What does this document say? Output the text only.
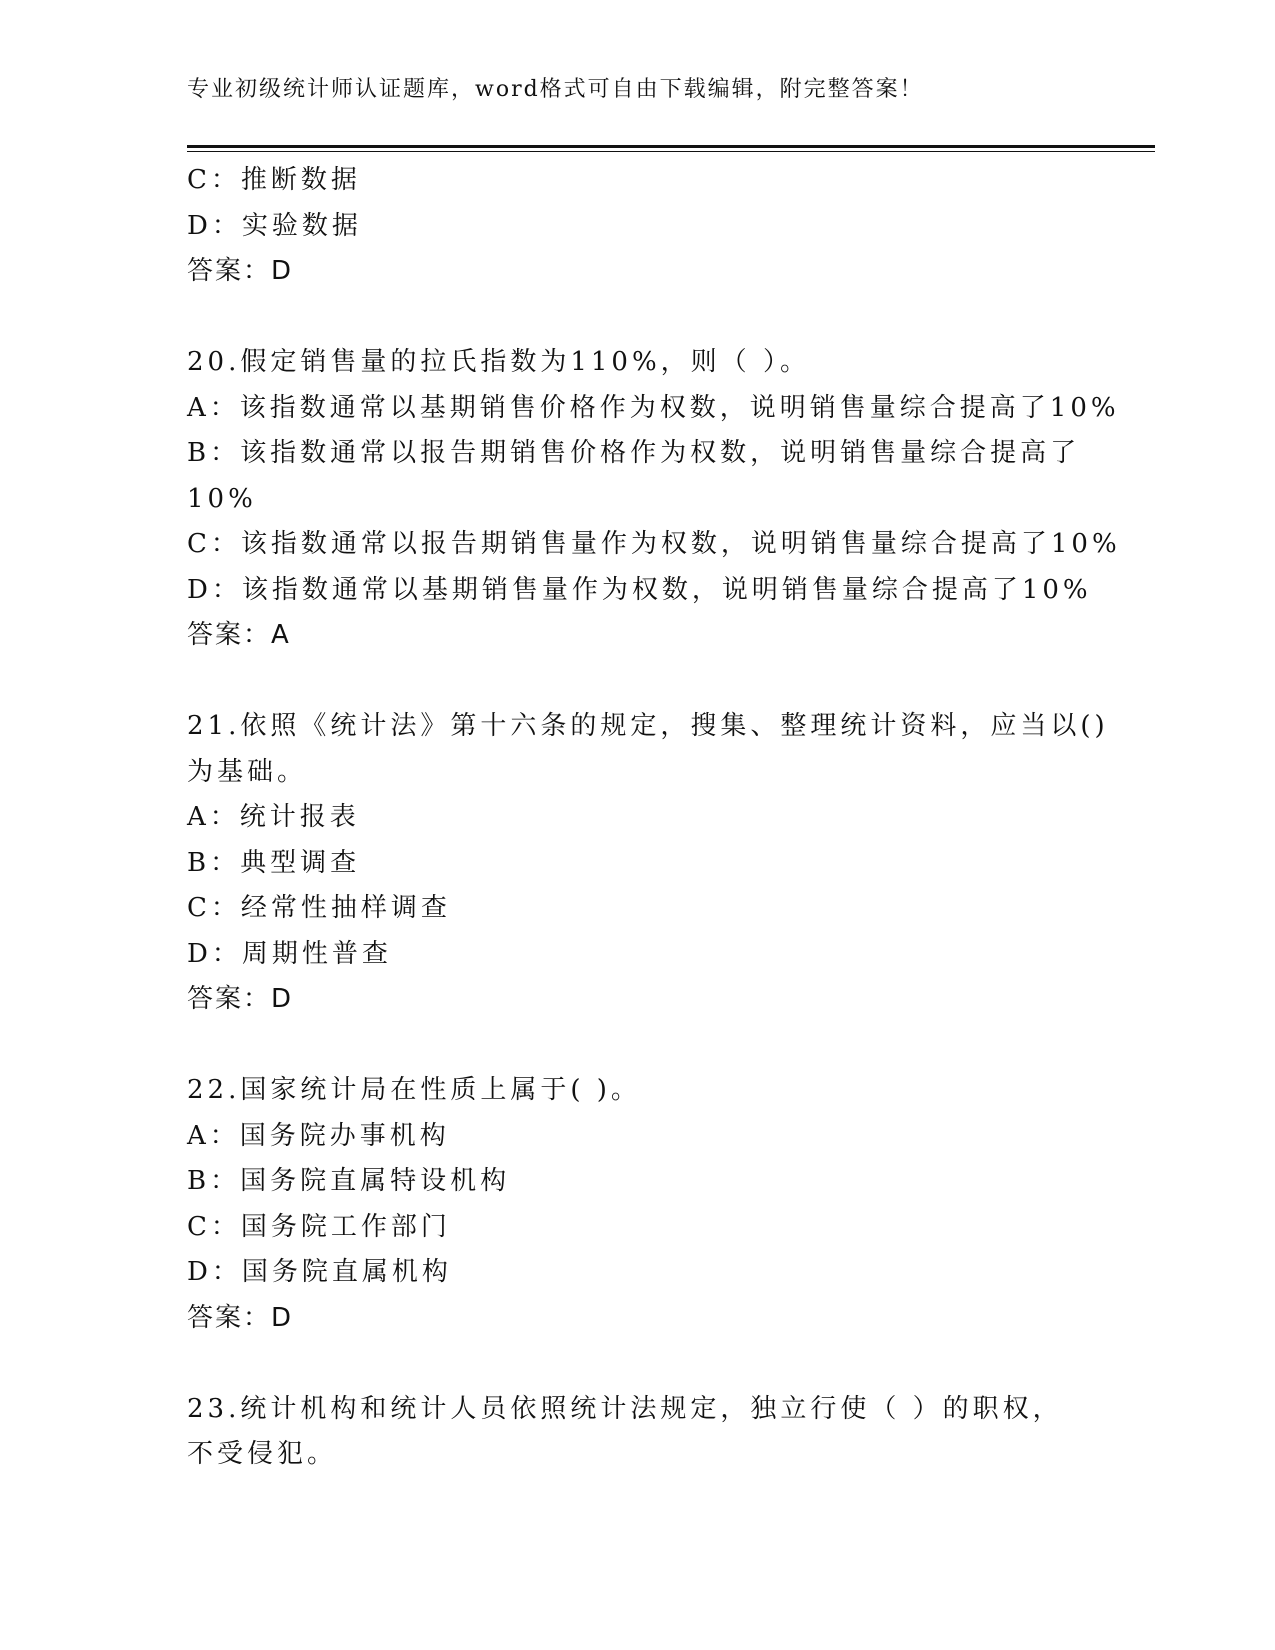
专业初级统计师认证题库，word格式可自由下载编辑，附完整答案！
C：推断数据
D：实验数据
答案：D
20.假定销售量的拉氏指数为110%，则（ ）。
A：该指数通常以基期销售价格作为权数，说明销售量综合提高了10%
B：该指数通常以报告期销售价格作为权数，说明销售量综合提高了
10%
C：该指数通常以报告期销售量作为权数，说明销售量综合提高了10%
D：该指数通常以基期销售量作为权数，说明销售量综合提高了10%
答案：A
21.依照《统计法》第十六条的规定，搜集、整理统计资料，应当以()
为基础。
A：统计报表
B：典型调查
C：经常性抽样调查
D：周期性普查
答案：D
22.国家统计局在性质上属于( )。
A：国务院办事机构
B：国务院直属特设机构
C：国务院工作部门
D：国务院直属机构
答案：D
23.统计机构和统计人员依照统计法规定，独立行使（ ）的职权，
不受侵犯。
